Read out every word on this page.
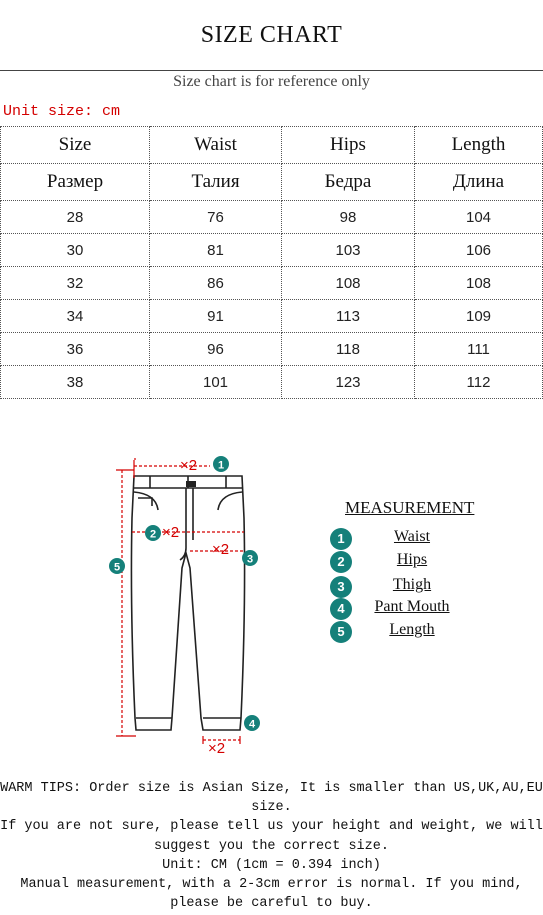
SIZE CHART
Size chart is for reference only
Unit size: cm
Size	Waist	Hips	Length
Размер	Талия	Бедра	Длина
28	76	98	104
30	81	103	106
32	86	108	108
34	91	113	109
36	96	118	111
38	101	123	112
×2 1
2 ×2
×2
3
5
×2
4
MEASUREMENT
1	Waist
2	Hips
3	Thigh
4	Pant Mouth
5	Length
WARM TIPS: Order size is Asian Size, It is smaller than US,UK,AU,EU
size.
If you are not sure, please tell us your height and weight, we will
suggest you the correct size.
Unit: CM (1cm = 0.394 inch)
Manual measurement, with a 2-3cm error is normal. If you mind,
please be careful to buy.
